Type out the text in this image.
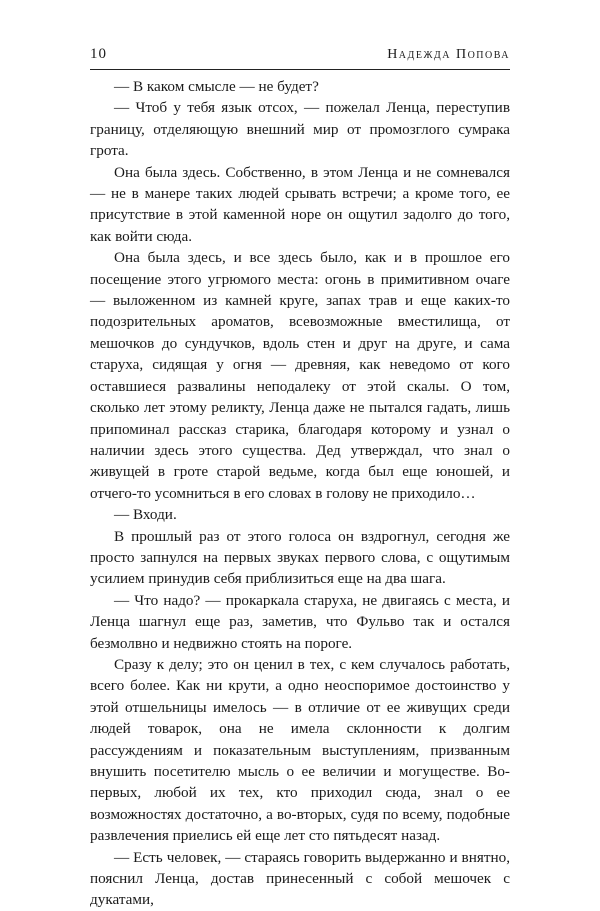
10	Надежда Попова

— В каком смысле — не будет?

— Чтоб у тебя язык отсох, — пожелал Ленца, переступив границу, отделяющую внешний мир от промозглого сумрака грота.

Она была здесь. Собственно, в этом Ленца и не сомневался — не в манере таких людей срывать встречи; а кроме того, ее присутствие в этой каменной норе он ощутил задолго до того, как войти сюда.

Она была здесь, и все здесь было, как и в прошлое его посещение этого угрюмого места: огонь в примитивном очаге — выложенном из камней круге, запах трав и еще каких-то подозрительных ароматов, всевозможные вместилища, от мешочков до сундучков, вдоль стен и друг на друге, и сама старуха, сидящая у огня — древняя, как неведомо от кого оставшиеся развалины неподалеку от этой скалы. О том, сколько лет этому реликту, Ленца даже не пытался гадать, лишь припоминал рассказ старика, благодаря которому и узнал о наличии здесь этого существа. Дед утверждал, что знал о живущей в гроте старой ведьме, когда был еще юношей, и отчего-то усомниться в его словах в голову не приходило…

— Входи.

В прошлый раз от этого голоса он вздрогнул, сегодня же просто запнулся на первых звуках первого слова, с ощутимым усилием принудив себя приблизиться еще на два шага.

— Что надо? — прокаркала старуха, не двигаясь с места, и Ленца шагнул еще раз, заметив, что Фульво так и остался безмолвно и недвижно стоять на пороге.

Сразу к делу; это он ценил в тех, с кем случалось работать, всего более. Как ни крути, а одно неоспоримое достоинство у этой отшельницы имелось — в отличие от ее живущих среди людей товарок, она не имела склонности к долгим рассуждениям и показательным выступлениям, призванным внушить посетителю мысль о ее величии и могуществе. Во-первых, любой их тех, кто приходил сюда, знал о ее возможностях достаточно, а во-вторых, судя по всему, подобные развлечения приелись ей еще лет сто пятьдесят назад.

— Есть человек, — стараясь говорить выдержанно и внятно, пояснил Ленца, достав принесенный с собой мешочек с дукатами,
